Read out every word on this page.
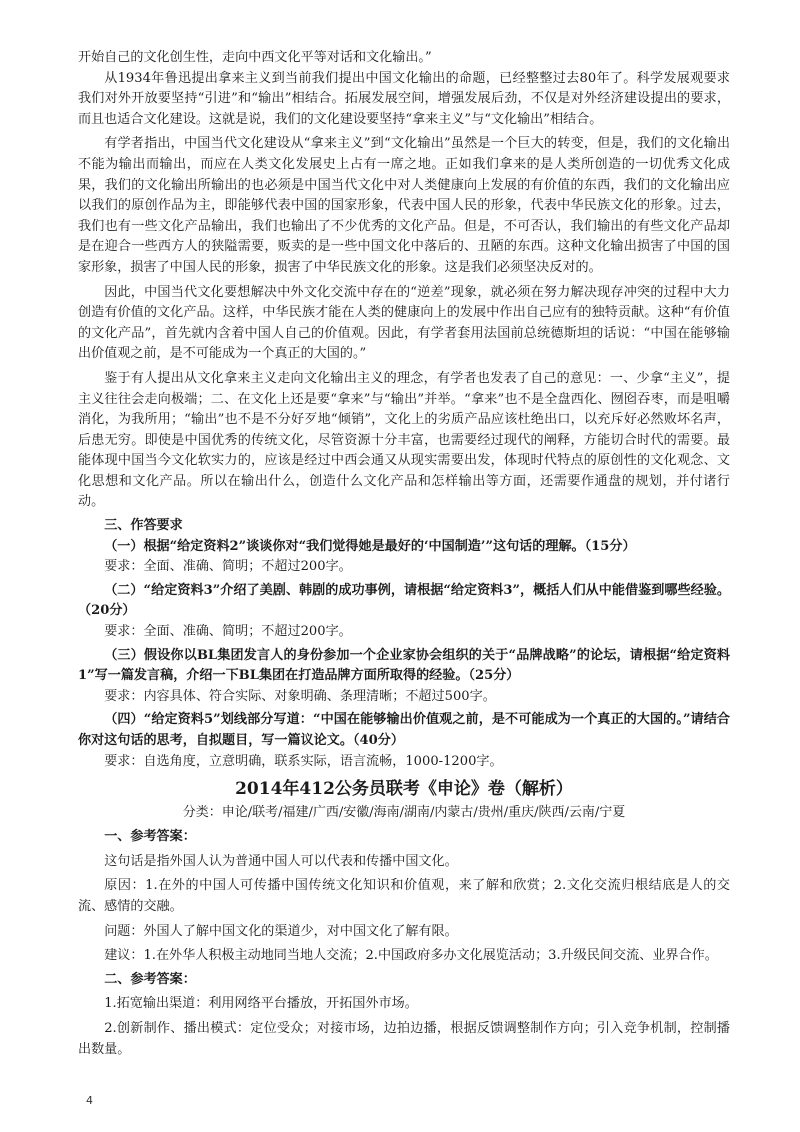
开始自己的文化创生性，走向中西文化平等对话和文化输出。”

从1934年鲁迅提出拿来主义到当前我们提出中国文化输出的命题，已经整整过去80年了。科学发展观要求我们对外开放要坚持“引进”和“输出”相结合。拓展发展空间，增强发展后劲，不仅是对外经济建设提出的要求，而且也适合文化建设。这就是说，我们的文化建设要坚持“拿来主义”与“文化输出”相结合。

有学者指出，中国当代文化建设从“拿来主义”到“文化输出”虽然是一个巨大的转变，但是，我们的文化输出不能为输出而输出，而应在人类文化发展史上占有一席之地。正如我们拿来的是人类所创造的一切优秀文化成果，我们的文化输出所输出的也必须是中国当代文化中对人类健康向上发展的有价值的东西，我们的文化输出应以我们的原创作品为主，即能够代表中国的国家形象，代表中国人民的形象，代表中华民族文化的形象。过去，我们也有一些文化产品输出，我们也输出了不少优秀的文化产品。但是，不可否认，我们输出的有些文化产品却是在迎合一些西方人的狭隘需要，贩卖的是一些中国文化中落后的、丑陋的东西。这种文化输出损害了中国的国家形象，损害了中国人民的形象，损害了中华民族文化的形象。这是我们必须坚决反对的。

因此，中国当代文化要想解决中外文化交流中存在的“逆差”现象，就必须在努力解决现存冲突的过程中大力创造有价值的文化产品。这样，中华民族才能在人类的健康向上的发展中作出自己应有的独特贡献。这种“有价值的文化产品”，首先就内含着中国人自己的价值观。因此，有学者套用法国前总统德斯坦的话说：“中国在能够输出价值观之前，是不可能成为一个真正的大国的。”

鉴于有人提出从文化拿来主义走向文化输出主义的理念，有学者也发表了自己的意见：一、少拿“主义”，提主义往往会走向极端；二、在文化上还是要“拿来”与“输出”并举。“拿来”也不是全盘西化、囫囵吞枣，而是咀嚼消化，为我所用；“输出”也不是不分好歹地“倾销”，文化上的劣质产品应该杜绝出口，以充斥好必然败坏名声，后患无穷。即使是中国优秀的传统文化，尽管资源十分丰富，也需要经过现代的阐释，方能切合时代的需要。最能体现中国当今文化软实力的，应该是经过中西会通又从现实需要出发，体现时代特点的原创性的文化观念、文化思想和文化产品。所以在输出什么，创造什么文化产品和怎样输出等方面，还需要作通盘的规划，并付诸行动。

三、作答要求

（一）根据“给定资料2”谈谈你对“我们觉得她是最好的‘中国制造’”这句话的理解。（15分）

要求：全面、准确、简明；不超过200字。

（二）“给定资料3”介绍了美剧、韩剧的成功事例，请根据“给定资料3”，概括人们从中能借鉴到哪些经验。（20分）

要求：全面、准确、简明；不超过200字。

（三）假设你以BL集团发言人的身份参加一个企业家协会组织的关于“品牌战略”的论坛，请根据“给定资料1”写一篇发言稿，介绍一下BL集团在打造品牌方面所取得的经验。（25分）

要求：内容具体、符合实际、对象明确、条理清晰；不超过500字。

（四）“给定资料5”划线部分写道：“中国在能够输出价值观之前，是不可能成为一个真正的大国的。”请结合你对这句话的思考，自拟题目，写一篇议论文。（40分）

要求：自选角度，立意明确，联系实际，语言流畅，1000-1200字。

2014年412公务员联考《申论》卷（解析）

分类：申论/联考/福建/广西/安徽/海南/湖南/内蒙古/贵州/重庆/陕西/云南/宁夏

一、参考答案：

这句话是指外国人认为普通中国人可以代表和传播中国文化。

原因：1.在外的中国人可传播中国传统文化知识和价值观，来了解和欣赏；2.文化交流归根结底是人的交流、感情的交融。

问题：外国人了解中国文化的渠道少，对中国文化了解有限。

建议：1.在外华人积极主动地同当地人交流；2.中国政府多办文化展览活动；3.升级民间交流、业界合作。

二、参考答案：

1.拓宽输出渠道：利用网络平台播放，开拓国外市场。

2.创新制作、播出模式：定位受众；对接市场，边拍边播，根据反馈调整制作方向；引入竞争机制，控制播出数量。

4
